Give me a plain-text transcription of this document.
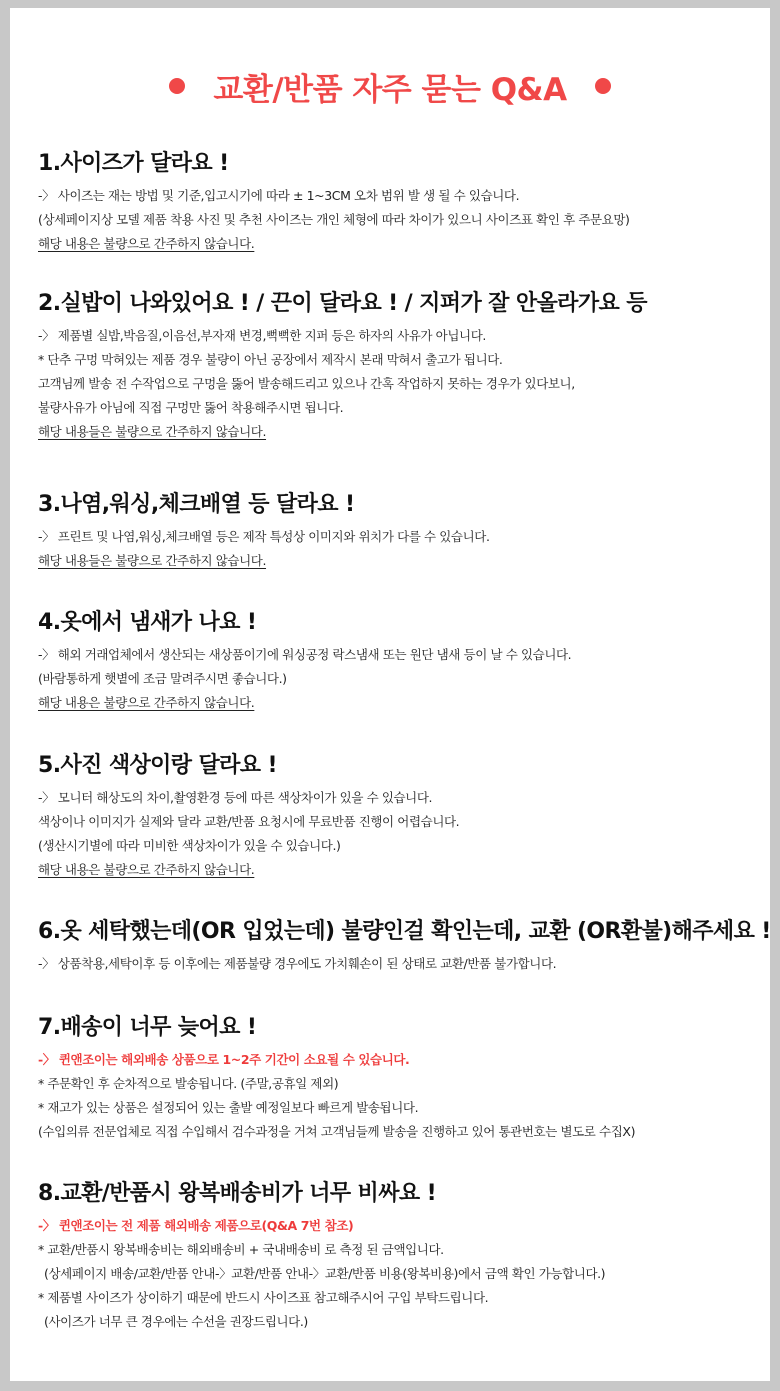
교환/반품 자주 묻는 Q&A
1.사이즈가 달라요 !
-〉 사이즈는 재는 방법 및 기준,입고시기에 따라 ± 1~3CM 오차 범위 발 생 될 수 있습니다.
(상세페이지상 모델 제품 착용 사진 및 추천 사이즈는 개인 체형에 따라 차이가 있으니 사이즈표 확인 후 주문요망)
해당 내용은 불량으로 간주하지 않습니다.
2.실밥이 나와있어요 ! / 끈이 달라요 ! / 지퍼가 잘 안올라가요 등
-〉 제품별 실밥,박음질,이음선,부자재 변경,뻑뻑한 지퍼 등은 하자의 사유가 아닙니다.
* 단추 구멍 막혀있는 제품 경우 불량이 아닌 공장에서 제작시 본래 막혀서 출고가 됩니다.
고객님께 발송 전 수작업으로 구멍을 뚫어 발송해드리고 있으나 간혹 작업하지 못하는 경우가 있다보니,
불량사유가 아님에 직접 구멍만 뚫어 착용해주시면 됩니다.
해당 내용들은 불량으로 간주하지 않습니다.
3.나염,워싱,체크배열 등 달라요 !
-〉 프린트 및 나염,워싱,체크배열 등은 제작 특성상 이미지와 위치가 다를 수 있습니다.
해당 내용들은 불량으로 간주하지 않습니다.
4.옷에서 냄새가 나요 !
-〉 해외 거래업체에서 생산되는 새상품이기에 워싱공정 락스냄새 또는 원단 냄새 등이 날 수 있습니다.
(바람통하게 햇볕에 조금 말려주시면 좋습니다.)
해당 내용은 불량으로 간주하지 않습니다.
5.사진 색상이랑 달라요 !
-〉 모니터 해상도의 차이,촬영환경 등에 따른 색상차이가 있을 수 있습니다.
색상이나 이미지가 실제와 달라 교환/반품 요청시에 무료반품 진행이 어렵습니다.
(생산시기별에 따라 미비한 색상차이가 있을 수 있습니다.)
해당 내용은 불량으로 간주하지 않습니다.
6.옷 세탁했는데(OR 입었는데) 불량인걸 확인는데, 교환 (OR환불)해주세요 !
-〉 상품착용,세탁이후 등 이후에는 제품불량 경우에도 가치훼손이 된 상태로 교환/반품 불가합니다.
7.배송이 너무 늦어요 !
-〉 퀸앤조이는 해외배송 상품으로 1~2주 기간이 소요될 수 있습니다.
* 주문확인 후 순차적으로 발송됩니다. (주말,공휴일 제외)
* 재고가 있는 상품은 설정되어 있는 출발 예정일보다 빠르게 발송됩니다.
(수입의류 전문업체로 직접 수입해서 검수과정을 거쳐 고객님들께 발송을 진행하고 있어 통관번호는 별도로 수집X)
8.교환/반품시 왕복배송비가 너무 비싸요 !
-〉 퀸앤조이는 전 제품 해외배송 제품으로(Q&A 7번 참조)
* 교환/반품시 왕복배송비는 해외배송비 + 국내배송비 로 측정 된 금액입니다.
(상세페이지 배송/교환/반품 안내-〉교환/반품 안내-〉교환/반품 비용(왕복비용)에서 금액 확인 가능합니다.)
* 제품별 사이즈가 상이하기 때문에 반드시 사이즈표 참고해주시어 구입 부탁드립니다.
(사이즈가 너무 큰 경우에는 수선을 권장드립니다.)
